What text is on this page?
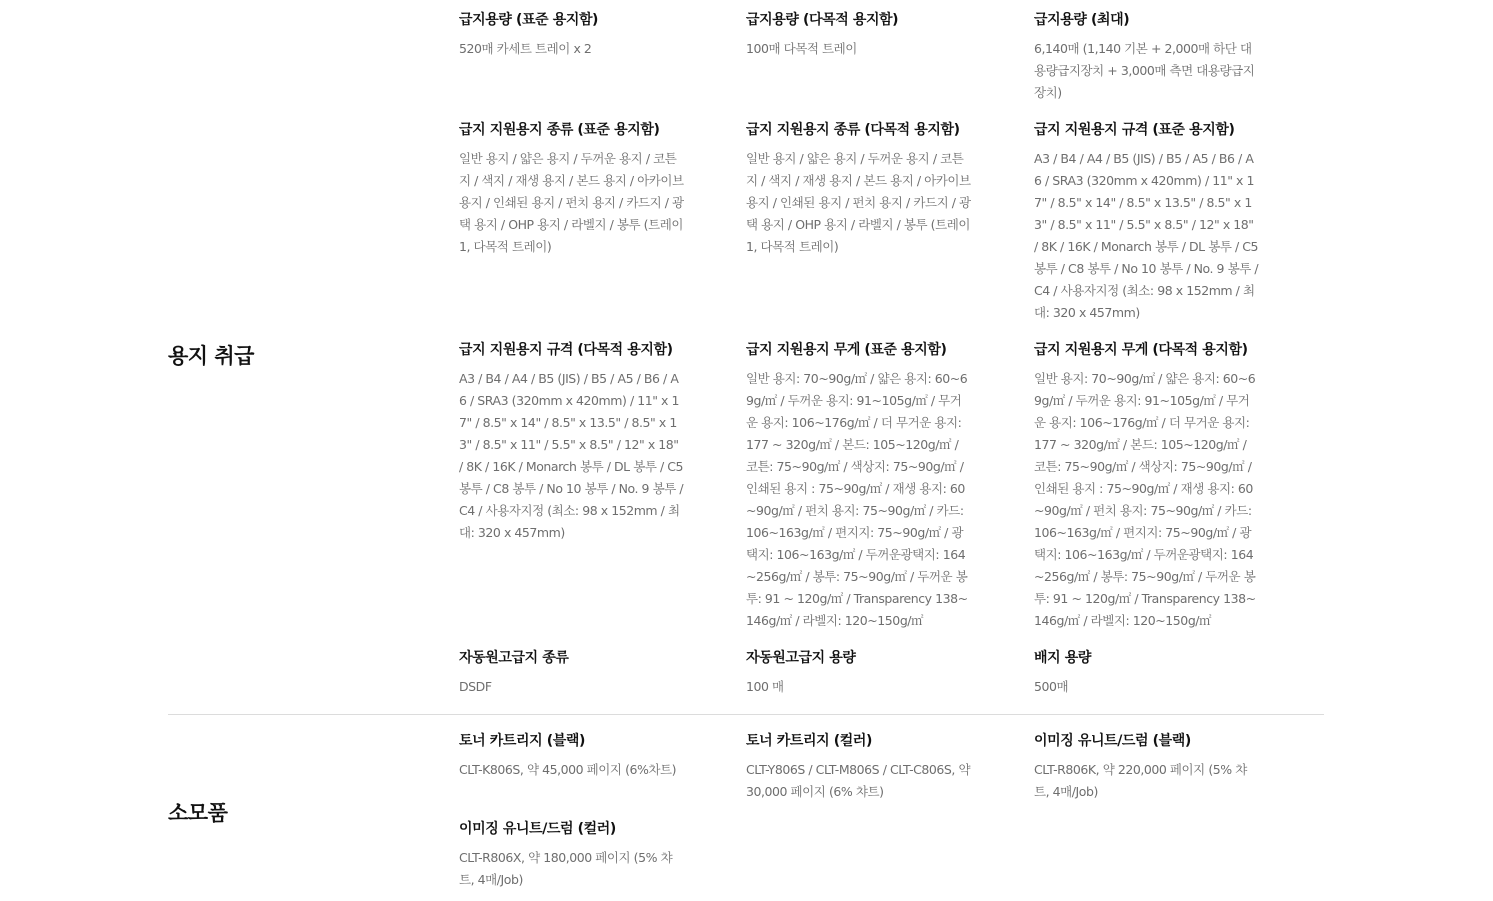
용지 취급
급지용량 (표준 용지함)
520매 카세트 트레이 x 2
급지용량 (다목적 용지함)
100매 다목적 트레이
급지용량 (최대)
6,140매 (1,140 기본 + 2,000매 하단 대용량급지장치 + 3,000매 측면 대용량급지장치)
급지 지원용지 종류 (표준 용지함)
일반 용지 / 얇은 용지 / 두꺼운 용지 / 코튼지 / 색지 / 재생 용지 / 본드 용지 / 아카이브 용지 / 인쇄된 용지 / 펀치 용지 / 카드지 / 광택 용지 / OHP 용지 / 라벨지 / 봉투 (트레이1, 다목적 트레이)
급지 지원용지 종류 (다목적 용지함)
일반 용지 / 얇은 용지 / 두꺼운 용지 / 코튼지 / 색지 / 재생 용지 / 본드 용지 / 아카이브 용지 / 인쇄된 용지 / 펀치 용지 / 카드지 / 광택 용지 / OHP 용지 / 라벨지 / 봉투 (트레이1, 다목적 트레이)
급지 지원용지 규격 (표준 용지함)
A3 / B4 / A4 / B5 (JIS) / B5 / A5 / B6 / A6 / SRA3 (320mm x 420mm) / 11" x 17" / 8.5" x 14" / 8.5" x 13.5" / 8.5" x 13" / 8.5" x 11" / 5.5" x 8.5" / 12" x 18" / 8K / 16K / Monarch 봉투 / DL 봉투 / C5 봉투 / C8 봉투 / No 10 봉투 / No. 9 봉투 / C4 / 사용자지정 (최소: 98 x 152mm / 최대: 320 x 457mm)
급지 지원용지 규격 (다목적 용지함)
A3 / B4 / A4 / B5 (JIS) / B5 / A5 / B6 / A6 / SRA3 (320mm x 420mm) / 11" x 17" / 8.5" x 14" / 8.5" x 13.5" / 8.5" x 13" / 8.5" x 11" / 5.5" x 8.5" / 12" x 18" / 8K / 16K / Monarch 봉투 / DL 봉투 / C5 봉투 / C8 봉투 / No 10 봉투 / No. 9 봉투 / C4 / 사용자지정 (최소: 98 x 152mm / 최대: 320 x 457mm)
급지 지원용지 무게 (표준 용지함)
일반 용지: 70~90g/㎡ / 얇은 용지: 60~69g/㎡ / 두꺼운 용지: 91~105g/㎡ / 무거운 용지: 106~176g/㎡ / 더 무거운 용지: 177 ~ 320g/㎡ / 본드: 105~120g/㎡ / 코튼: 75~90g/㎡ / 색상지: 75~90g/㎡ / 인쇄된 용지 : 75~90g/㎡ / 재생 용지: 60~90g/㎡ / 펀치 용지: 75~90g/㎡ / 카드: 106~163g/㎡ / 편지지: 75~90g/㎡ / 광택지: 106~163g/㎡ / 두꺼운광택지: 164~256g/㎡ / 봉투: 75~90g/㎡ / 두꺼운 봉투: 91 ~ 120g/㎡ / Transparency 138~146g/㎡ / 라벨지: 120~150g/㎡
급지 지원용지 무게 (다목적 용지함)
일반 용지: 70~90g/㎡ / 얇은 용지: 60~69g/㎡ / 두꺼운 용지: 91~105g/㎡ / 무거운 용지: 106~176g/㎡ / 더 무거운 용지: 177 ~ 320g/㎡ / 본드: 105~120g/㎡ / 코튼: 75~90g/㎡ / 색상지: 75~90g/㎡ / 인쇄된 용지 : 75~90g/㎡ / 재생 용지: 60~90g/㎡ / 펀치 용지: 75~90g/㎡ / 카드: 106~163g/㎡ / 편지지: 75~90g/㎡ / 광택지: 106~163g/㎡ / 두꺼운광택지: 164~256g/㎡ / 봉투: 75~90g/㎡ / 두꺼운 봉투: 91 ~ 120g/㎡ / Transparency 138~146g/㎡ / 라벨지: 120~150g/㎡
자동원고급지 종류
DSDF
자동원고급지 용량
100 매
배지 용량
500매
소모품
토너 카트리지 (블랙)
CLT-K806S, 약 45,000 페이지 (6%차트)
토너 카트리지 (컬러)
CLT-Y806S / CLT-M806S / CLT-C806S, 약 30,000 페이지 (6% 챠트)
이미징 유니트/드럼 (블랙)
CLT-R806K, 약 220,000 페이지 (5% 챠트, 4매/Job)
이미징 유니트/드럼 (컬러)
CLT-R806X, 약 180,000 페이지 (5% 챠트, 4매/Job)
